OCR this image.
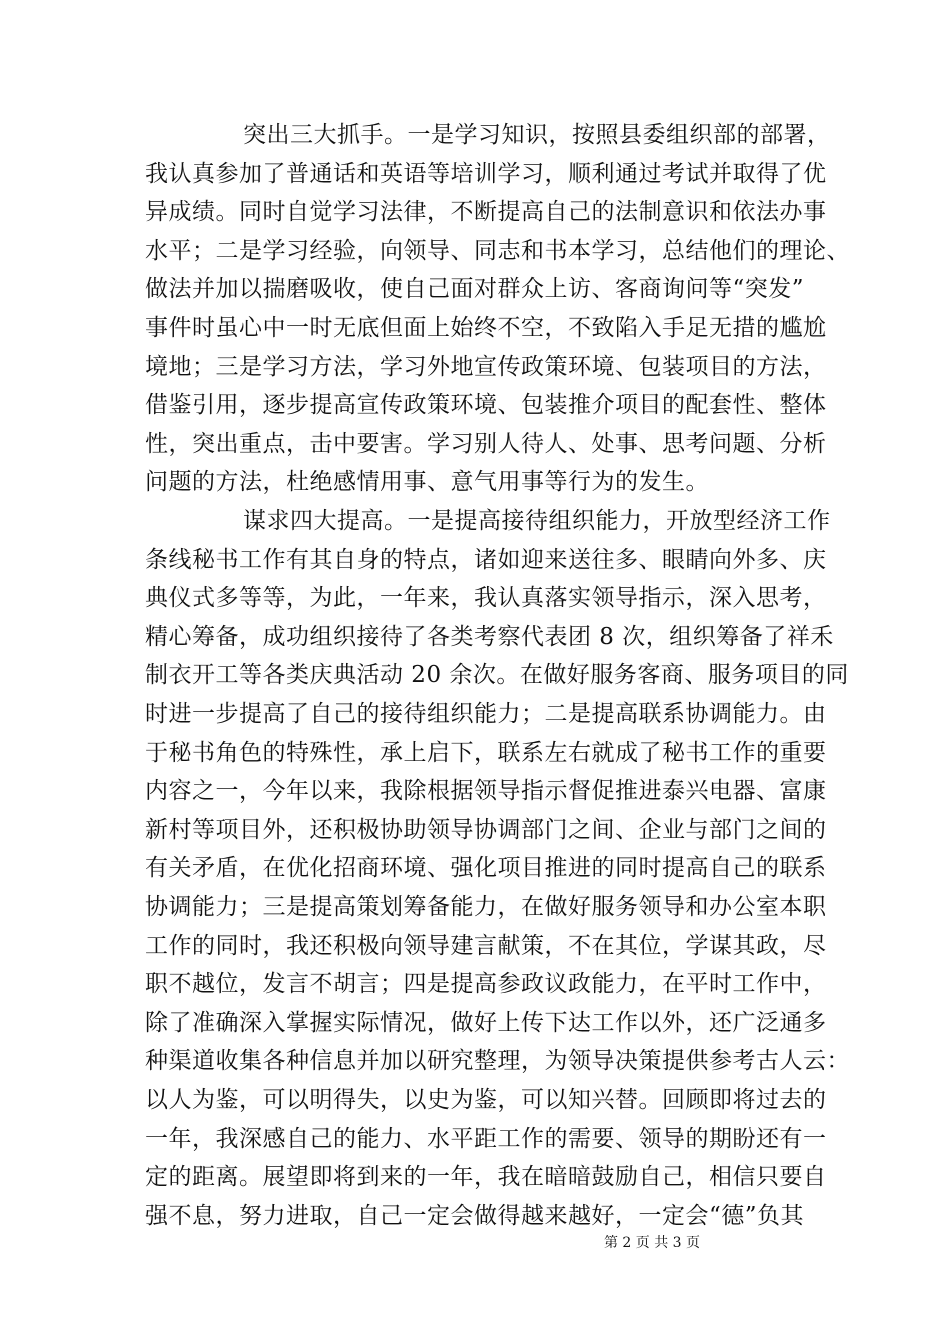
突出三大抓手。一是学习知识，按照县委组织部的部署，
我认真参加了普通话和英语等培训学习，顺利通过考试并取得了优
异成绩。同时自觉学习法律，不断提高自己的法制意识和依法办事
水平；二是学习经验，向领导、同志和书本学习，总结他们的理论、
做法并加以揣磨吸收，使自己面对群众上访、客商询问等“突发”
事件时虽心中一时无底但面上始终不空，不致陷入手足无措的尴尬
境地；三是学习方法，学习外地宣传政策环境、包装项目的方法，
借鉴引用，逐步提高宣传政策环境、包装推介项目的配套性、整体
性，突出重点，击中要害。学习别人待人、处事、思考问题、分析
问题的方法，杜绝感情用事、意气用事等行为的发生。
谋求四大提高。一是提高接待组织能力，开放型经济工作
条线秘书工作有其自身的特点，诸如迎来送往多、眼睛向外多、庆
典仪式多等等，为此，一年来，我认真落实领导指示，深入思考，
精心筹备，成功组织接待了各类考察代表团 8 次，组织筹备了祥禾
制衣开工等各类庆典活动 20 余次。在做好服务客商、服务项目的同
时进一步提高了自己的接待组织能力；二是提高联系协调能力。由
于秘书角色的特殊性，承上启下，联系左右就成了秘书工作的重要
内容之一，今年以来，我除根据领导指示督促推进泰兴电器、富康
新村等项目外，还积极协助领导协调部门之间、企业与部门之间的
有关矛盾，在优化招商环境、强化项目推进的同时提高自己的联系
协调能力；三是提高策划筹备能力，在做好服务领导和办公室本职
工作的同时，我还积极向领导建言献策，不在其位，学谋其政，尽
职不越位，发言不胡言；四是提高参政议政能力，在平时工作中，
除了准确深入掌握实际情况，做好上传下达工作以外，还广泛通多
种渠道收集各种信息并加以研究整理，为领导决策提供参考古人云：
以人为鉴，可以明得失，以史为鉴，可以知兴替。回顾即将过去的
一年，我深感自己的能力、水平距工作的需要、领导的期盼还有一
定的距离。展望即将到来的一年，我在暗暗鼓励自己，相信只要自
强不息，努力进取，自己一定会做得越来越好，一定会“德”负其
第 2 页 共 3 页
